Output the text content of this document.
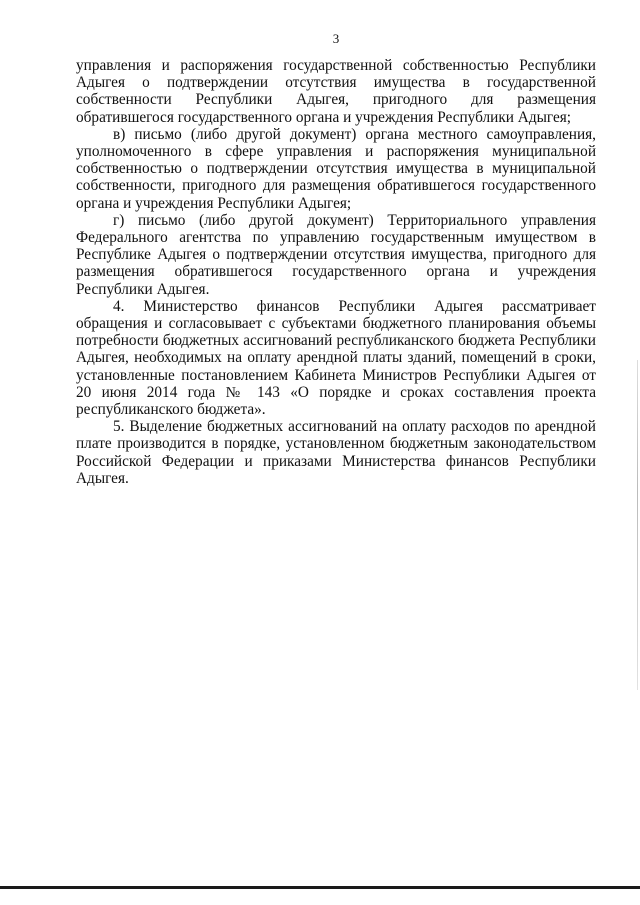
3

управления и распоряжения государственной собственностью Республики Адыгея о подтверждении отсутствия имущества в государственной собственности Республики Адыгея, пригодного для размещения обратившегося государственного органа и учреждения Республики Адыгея;

в) письмо (либо другой документ) органа местного самоуправления, уполномоченного в сфере управления и распоряжения муниципальной собственностью о подтверждении отсутствия имущества в муниципальной собственности, пригодного для размещения обратившегося государственного органа и учреждения Республики Адыгея;

г) письмо (либо другой документ) Территориального управления Федерального агентства по управлению государственным имуществом в Республике Адыгея о подтверждении отсутствия имущества, пригодного для размещения обратившегося государственного органа и учреждения Республики Адыгея.

4. Министерство финансов Республики Адыгея рассматривает обращения и согласовывает с субъектами бюджетного планирования объемы потребности бюджетных ассигнований республиканского бюджета Республики Адыгея, необходимых на оплату арендной платы зданий, помещений в сроки, установленные постановлением Кабинета Министров Республики Адыгея от 20 июня 2014 года № 143 «О порядке и сроках составления проекта республиканского бюджета».

5. Выделение бюджетных ассигнований на оплату расходов по арендной плате производится в порядке, установленном бюджетным законодательством Российской Федерации и приказами Министерства финансов Республики Адыгея.
